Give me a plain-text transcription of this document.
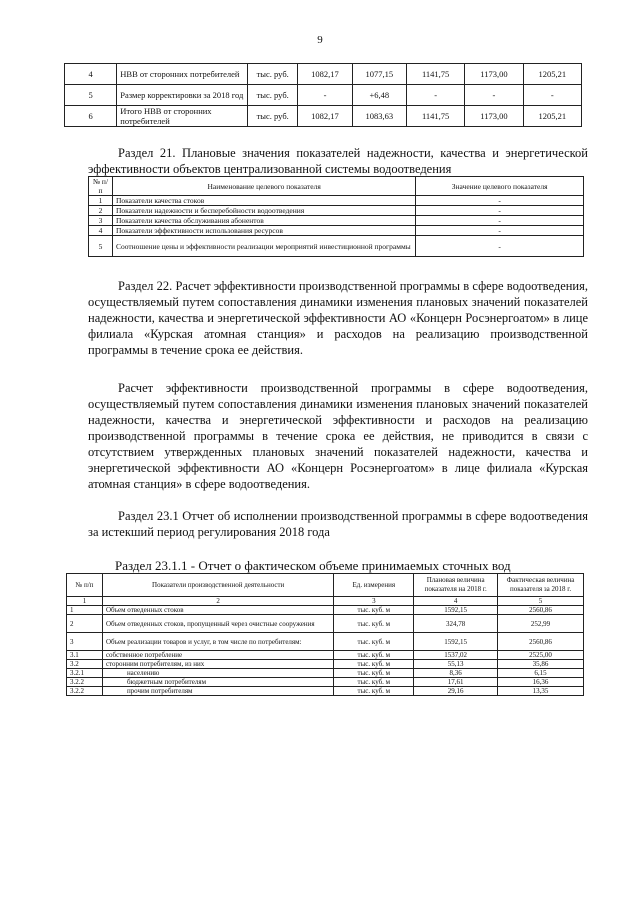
9
4	НВВ от сторонних потребителей	тыс. руб.	1082,17	1077,15	1141,75	1173,00	1205,21
5	Размер корректировки за 2018 год	тыс. руб.	-	+6,48	-	-	-
6	Итого НВВ от сторонних потребителей	тыс. руб.	1082,17	1083,63	1141,75	1173,00	1205,21
Раздел 21. Плановые значения показателей надежности, качества и энергетической эффективности объектов централизованной системы водоотведения
№ п/п	Наименование целевого показателя	Значение целевого показателя
1	Показатели качества стоков	-
2	Показатели надежности и бесперебойности водоотведения	-
3	Показатели качества обслуживания абонентов	-
4	Показатели эффективности использования ресурсов	-
5	Соотношение цены и эффективности реализации мероприятий инвестиционной программы	-
Раздел 22. Расчет эффективности производственной программы в сфере водоотведения, осуществляемый путем сопоставления динамики изменения плановых значений показателей надежности, качества и энергетической эффективности АО «Концерн Росэнергоатом» в лице филиала «Курская атомная станция» и расходов на реализацию производственной программы в течение срока ее действия.
Расчет эффективности производственной программы в сфере водоотведения, осуществляемый путем сопоставления динамики изменения плановых значений показателей надежности, качества и энергетической эффективности и расходов на реализацию производственной программы в течение срока ее действия, не приводится в связи с отсутствием утвержденных плановых значений показателей надежности, качества и энергетической эффективности АО «Концерн Росэнергоатом» в лице филиала «Курская атомная станция» в сфере водоотведения.
Раздел 23.1 Отчет об исполнении производственной программы в сфере водоотведения за истекший период регулирования 2018 года
Раздел 23.1.1 - Отчет о фактическом объеме принимаемых сточных вод
№ п/п	Показатели производственной деятельности	Ед. измерения	Плановая величина показателя на 2018 г.	Фактическая величина показателя за 2018 г.
1	2	3	4	5
1	Объем отведенных стоков	тыс. куб. м	1592,15	2560,86
2	Объем отведенных стоков, пропущенный через очистные сооружения	тыс. куб. м	324,78	252,99
3	Объем реализации товаров и услуг, в том числе по потребителям:	тыс. куб. м	1592,15	2560,86
3.1	собственное потребление	тыс. куб. м	1537,02	2525,00
3.2	сторонним потребителям, из них	тыс. куб. м	55,13	35,86
3.2.1	населению	тыс. куб. м	8,36	6,15
3.2.2	бюджетным потребителям	тыс. куб. м	17,61	16,36
3.2.2	прочим потребителям	тыс. куб. м	29,16	13,35
